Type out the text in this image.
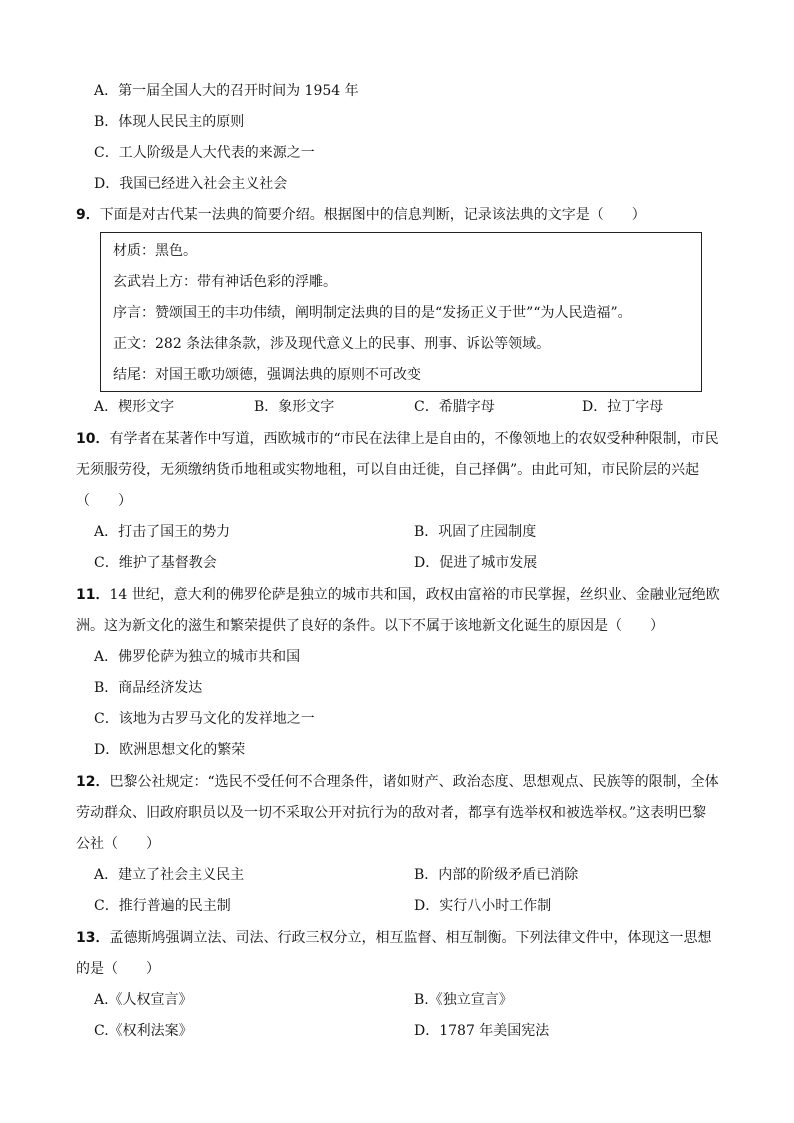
A．第一届全国人大的召开时间为 1954 年
B．体现人民民主的原则
C．工人阶级是人大代表的来源之一
D．我国已经进入社会主义社会
9．下面是对古代某一法典的简要介绍。根据图中的信息判断，记录该法典的文字是（　　）
材质：黑色。
玄武岩上方：带有神话色彩的浮雕。
序言：赞颂国王的丰功伟绩，阐明制定法典的目的是“发扬正义于世”“为人民造福”。
正文：282 条法律条款，涉及现代意义上的民事、刑事、诉讼等领域。
结尾：对国王歌功颂德，强调法典的原则不可改变
A．楔形文字	B．象形文字	C．希腊字母	D．拉丁字母
10．有学者在某著作中写道，西欧城市的“市民在法律上是自由的，不像领地上的农奴受种种限制，市民
无须服劳役，无须缴纳货币地租或实物地租，可以自由迁徙，自己择偶”。由此可知，市民阶层的兴起
（　　）
A．打击了国王的势力	B．巩固了庄园制度
C．维护了基督教会	D．促进了城市发展
11．14 世纪，意大利的佛罗伦萨是独立的城市共和国，政权由富裕的市民掌握，丝织业、金融业冠绝欧
洲。这为新文化的滋生和繁荣提供了良好的条件。以下不属于该地新文化诞生的原因是（　　）
A．佛罗伦萨为独立的城市共和国
B．商品经济发达
C．该地为古罗马文化的发祥地之一
D．欧洲思想文化的繁荣
12．巴黎公社规定：“选民不受任何不合理条件，诸如财产、政治态度、思想观点、民族等的限制，全体
劳动群众、旧政府职员以及一切不采取公开对抗行为的敌对者，都享有选举权和被选举权。”这表明巴黎
公社（　　）
A．建立了社会主义民主	B．内部的阶级矛盾已消除
C．推行普遍的民主制	D．实行八小时工作制
13．孟德斯鸠强调立法、司法、行政三权分立，相互监督、相互制衡。下列法律文件中，体现这一思想
的是（　　）
A.《人权宣言》	B.《独立宣言》
C.《权利法案》	D．1787 年美国宪法
